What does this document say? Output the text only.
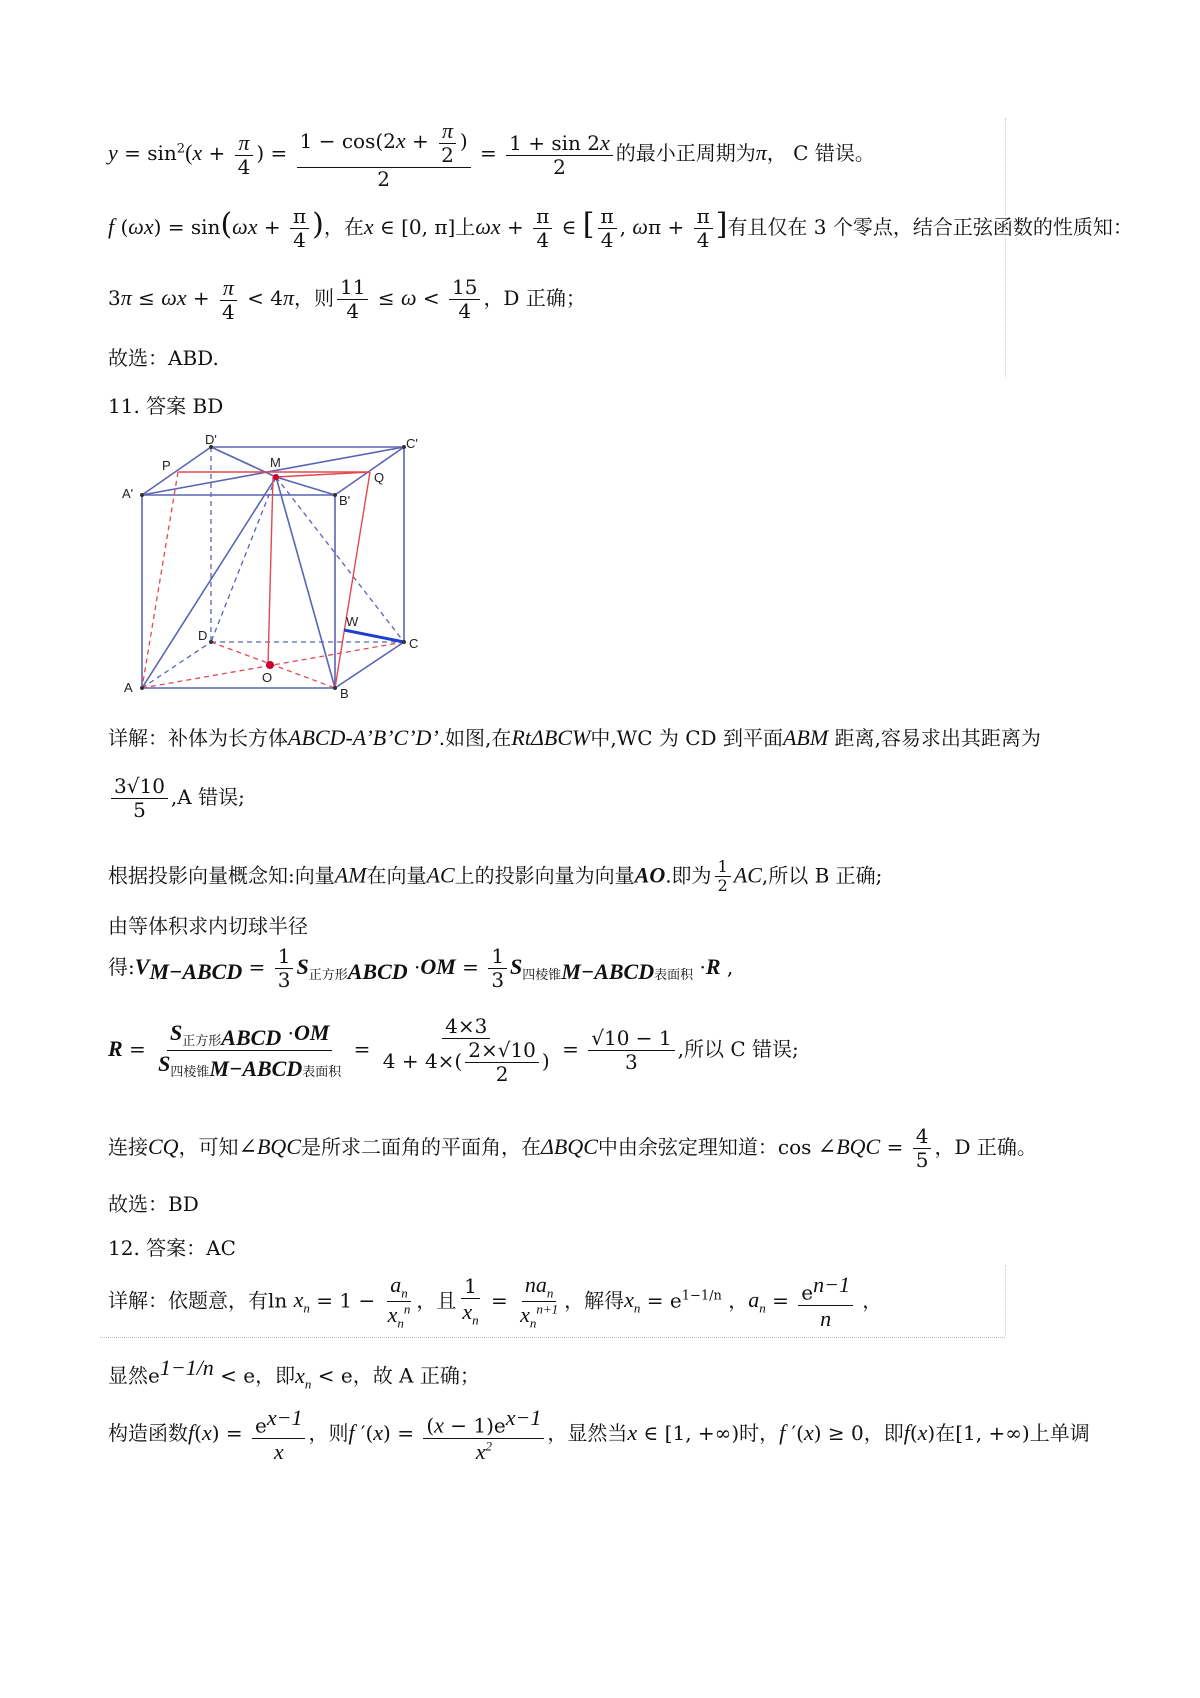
$y = \sin^2(x + \frac{\pi}{4}$ ) = $\frac{1 - \cos(2x + \frac{\pi}{2} )}{2} = \frac{1 + \sin 2x}{2}$ 的最小正周期为π， C 错误。
f $(\omega x) = \sin(\omega x + \frac{\pi}{4}$ )，在x ∈ [0, π]上$\omega x + \frac{\pi}{4}$ ∈ [ $\frac{\pi}{4}$ , $\omega\pi + \frac{\pi}{4}$ ]有且仅在 3 个零点，结合正弦函数的性质知：
$3\pi \le \omega x + \frac{\pi}{4} < 4\pi$，则 $\frac{11}{4} \le \omega < \frac{15}{4}$ ，D 正确；
故选：ABD.
11. 答案 BD
D'	C'
P	M
Q
A'	B'
W
D
C
O
A	B
详解：补体为长方体ABCD-A’B’C’D’.如图,在RtΔBCW中,WC 为 CD 到平面ABM 距离,容易求出其距离为
$\frac{3√10}{5} ,A$ 错误;
根据投影向量概念知:向量AM在向量AC上的投影向量为向量AO.即为 $\frac{1}{2}$ AC,所以 B 正确;
由等体积求内切球半径
得$:V_{M-ABCD} = \frac{1}{3} S_{正方形ABCD} \cdot OM = \frac{1}{3} S_{四棱锥M-ABCD表面积} \cdot R$ ,
$R = \frac{S_{正方形ABCD} \cdot OM}{S_{四棱锥M-ABCD表面积}} = \frac{4\times 3}{4 + 4\times( \frac{2\times√10}{2} )} = \frac{√10 - 1}{3}$ ,所以 C 错误;
连接CQ，可知∠BQC是所求二面角的平面角，在ΔBQC中由余弦定理知道：cos ∠BQC = $\frac{4}{5}$ ，D 正确。
故选：BD
12. 答案：AC
详解：依题意，有$\ln x_n = 1 - \frac{a_n}{x_n^n}$ ，且 $\frac{1}{x_n} = \frac{na_n}{x_n^{n+1}}$ ，解得$x_n = e^{1-1/n}$ ，$a_n = \frac{e^{n-1}}{n}$ ，
显然$e^{1-1/n} < e$，即$x_n < e$，故 A 正确；
构造函数$f(x) = \frac{e^{x-1}}{x}$ ，则f $'(x) = \frac{(x - 1)e^{x-1}}{x^2}$ ，显然当x ∈ [1, +∞)时，f ′(x) ≥ 0，即f(x)在[1, +∞)上单调
